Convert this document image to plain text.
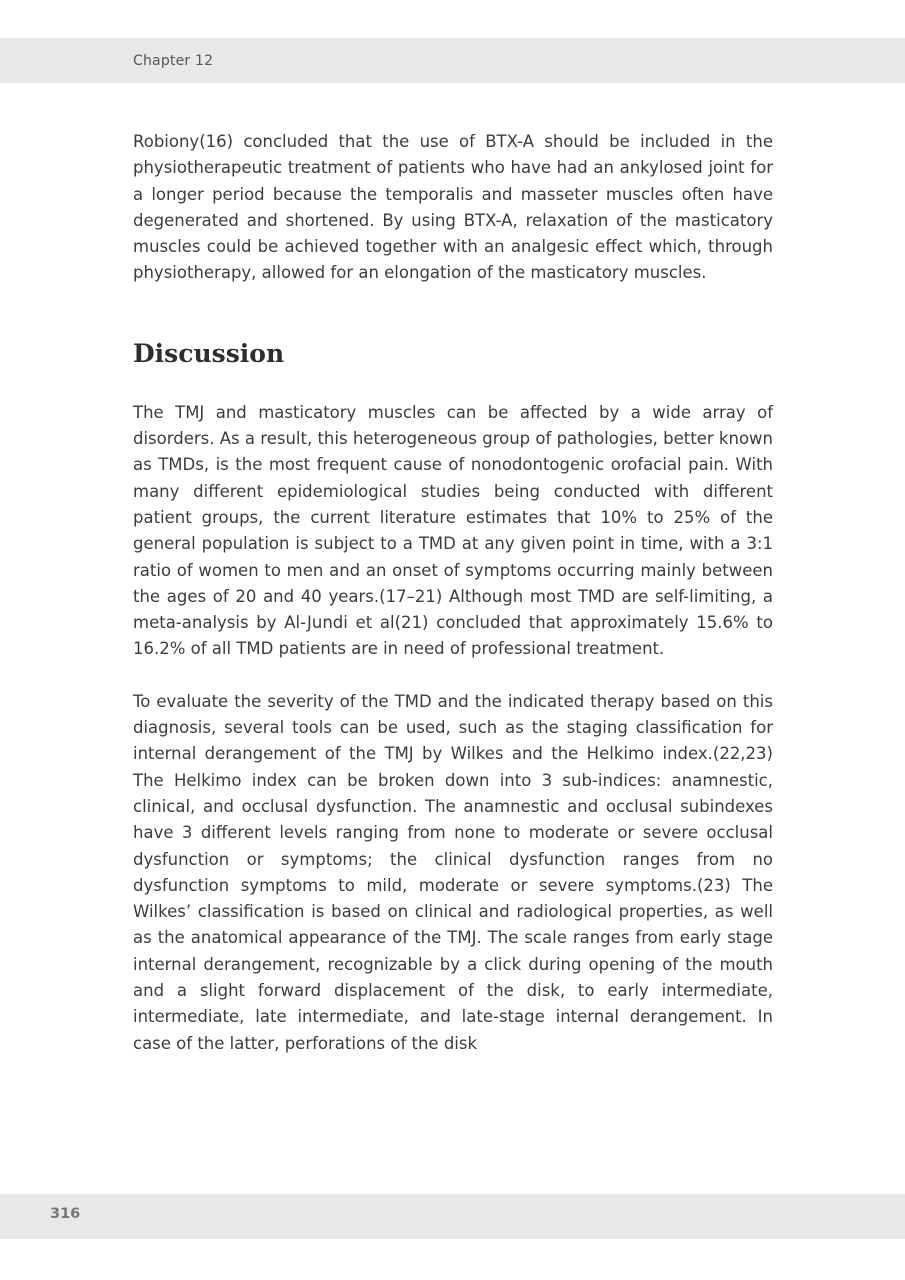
Chapter 12

Robiony(16) concluded that the use of BTX-A should be included in the physiotherapeutic treatment of patients who have had an ankylosed joint for a longer period because the temporalis and masseter muscles often have degenerated and shortened. By using BTX-A, relaxation of the masticatory muscles could be achieved together with an analgesic effect which, through physiotherapy, allowed for an elongation of the masticatory muscles.

Discussion

The TMJ and masticatory muscles can be affected by a wide array of disorders. As a result, this heterogeneous group of pathologies, better known as TMDs, is the most frequent cause of nonodontogenic orofacial pain. With many different epidemiological studies being conducted with different patient groups, the current literature estimates that 10% to 25% of the general population is subject to a TMD at any given point in time, with a 3:1 ratio of women to men and an onset of symptoms occurring mainly between the ages of 20 and 40 years.(17–21) Although most TMD are self-limiting, a meta-analysis by Al-Jundi et al(21) concluded that approximately 15.6% to 16.2% of all TMD patients are in need of professional treatment.

To evaluate the severity of the TMD and the indicated therapy based on this diagnosis, several tools can be used, such as the staging classification for internal derangement of the TMJ by Wilkes and the Helkimo index.(22,23) The Helkimo index can be broken down into 3 sub-indices: anamnestic, clinical, and occlusal dysfunction. The anamnestic and occlusal subindexes have 3 different levels ranging from none to moderate or severe occlusal dysfunction or symptoms; the clinical dysfunction ranges from no dysfunction symptoms to mild, moderate or severe symptoms.(23) The Wilkes’ classification is based on clinical and radiological properties, as well as the anatomical appearance of the TMJ. The scale ranges from early stage internal derangement, recognizable by a click during opening of the mouth and a slight forward displacement of the disk, to early intermediate, intermediate, late intermediate, and late-stage internal derangement. In case of the latter, perforations of the disk

316
